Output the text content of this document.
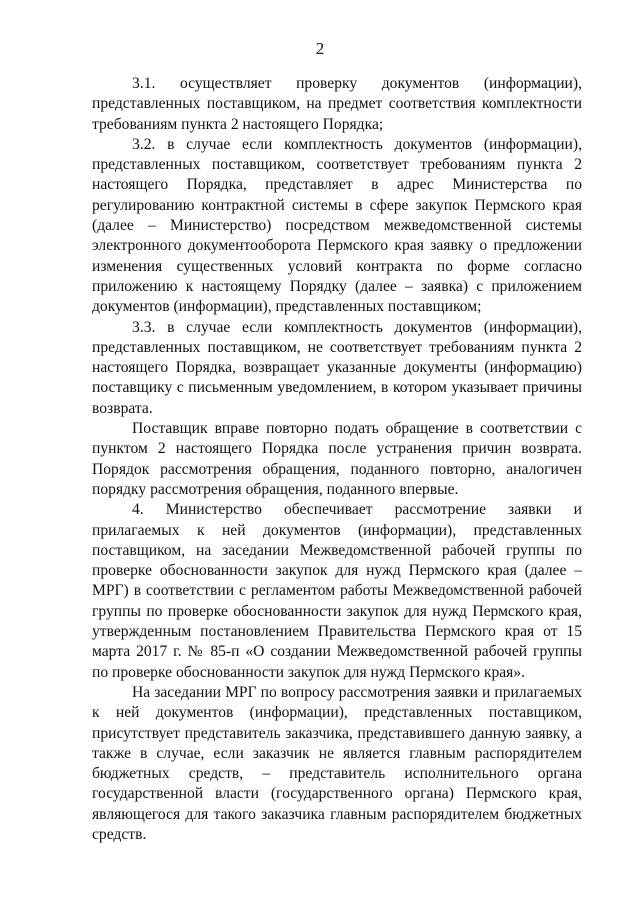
2

3.1. осуществляет проверку документов (информации), представленных поставщиком, на предмет соответствия комплектности требованиям пункта 2 настоящего Порядка;

3.2. в случае если комплектность документов (информации), представленных поставщиком, соответствует требованиям пункта 2 настоящего Порядка, представляет в адрес Министерства по регулированию контрактной системы в сфере закупок Пермского края (далее – Министерство) посредством межведомственной системы электронного документооборота Пермского края заявку о предложении изменения существенных условий контракта по форме согласно приложению к настоящему Порядку (далее – заявка) с приложением документов (информации), представленных поставщиком;

3.3. в случае если комплектность документов (информации), представленных поставщиком, не соответствует требованиям пункта 2 настоящего Порядка, возвращает указанные документы (информацию) поставщику с письменным уведомлением, в котором указывает причины возврата.

Поставщик вправе повторно подать обращение в соответствии с пунктом 2 настоящего Порядка после устранения причин возврата. Порядок рассмотрения обращения, поданного повторно, аналогичен порядку рассмотрения обращения, поданного впервые.

4. Министерство обеспечивает рассмотрение заявки и прилагаемых к ней документов (информации), представленных поставщиком, на заседании Межведомственной рабочей группы по проверке обоснованности закупок для нужд Пермского края (далее – МРГ) в соответствии с регламентом работы Межведомственной рабочей группы по проверке обоснованности закупок для нужд Пермского края, утвержденным постановлением Правительства Пермского края от 15 марта 2017 г. № 85-п «О создании Межведомственной рабочей группы по проверке обоснованности закупок для нужд Пермского края».

На заседании МРГ по вопросу рассмотрения заявки и прилагаемых к ней документов (информации), представленных поставщиком, присутствует представитель заказчика, представившего данную заявку, а также в случае, если заказчик не является главным распорядителем бюджетных средств, – представитель исполнительного органа государственной власти (государственного органа) Пермского края, являющегося для такого заказчика главным распорядителем бюджетных средств.
